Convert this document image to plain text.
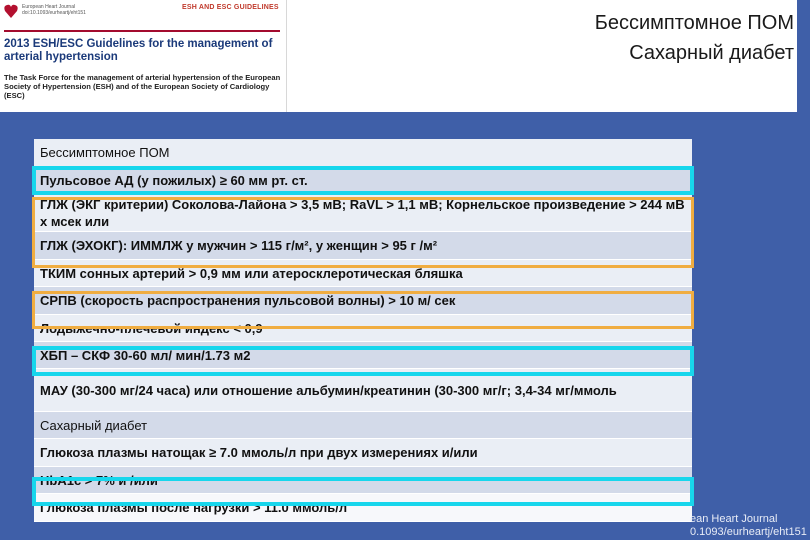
European Heart Journal doi:10.1093/eurheartj/eht151
ESH AND ESC GUIDELINES
2013 ESH/ESC Guidelines for the management of arterial hypertension
The Task Force for the management of arterial hypertension of the European Society of Hypertension (ESH) and of the European Society of Cardiology (ESC)
Бессимптомное ПОМ
Сахарный диабет
Бессимптомное ПОМ
Пульсовое АД (у пожилых) ≥ 60 мм рт. ст.
ГЛЖ (ЭКГ критерии) Соколова-Лайона > 3,5 мВ; RaVL > 1,1 мВ; Корнельское произведение > 244 мВ х мсек или
ГЛЖ (ЭХОКГ): ИММЛЖ у мужчин > 115 г/м², у женщин > 95 г /м²
ТКИМ сонных артерий > 0,9 мм или атеросклеротическая бляшка
СРПВ (скорость распространения пульсовой волны) > 10 м/ сек
Лодыжечно-плечевой индекс < 0,9
ХБП – СКФ 30-60 мл/ мин/1.73 м2
МАУ (30-300 мг/24 часа) или отношение альбумин/креатинин (30-300 мг/г; 3,4-34 мг/ммоль
Сахарный диабет
Глюкоза плазмы натощак ≥ 7.0 ммоль/л при двух измерениях и/или
HbA1c > 7% и /или
Глюкоза плазмы после нагрузки > 11.0 ммоль/л
ean Heart Journal
0.1093/eurheartj/eht151
